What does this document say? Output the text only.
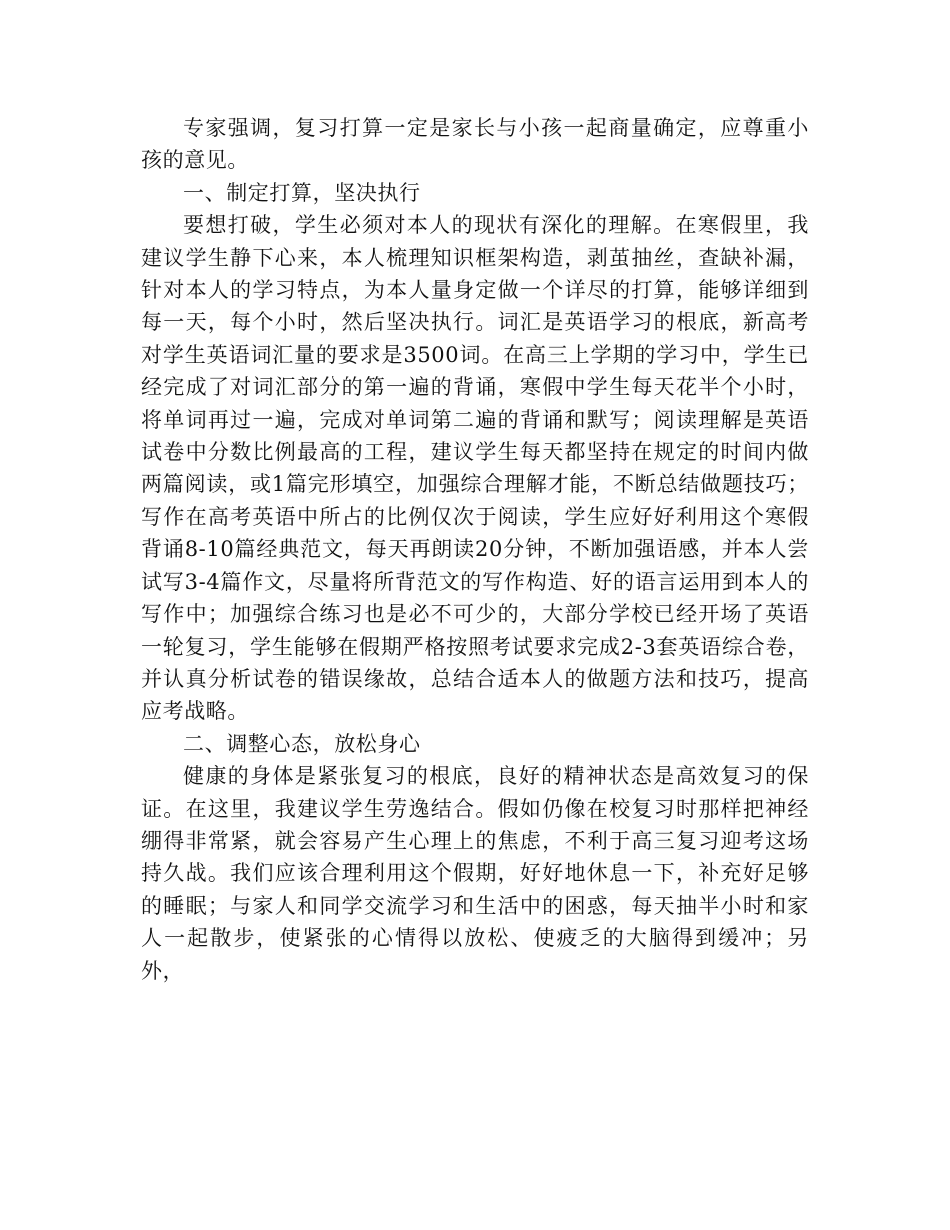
专家强调，复习打算一定是家长与小孩一起商量确定，应尊重小孩的意见。

一、制定打算，坚决执行

要想打破，学生必须对本人的现状有深化的理解。在寒假里，我建议学生静下心来，本人梳理知识框架构造，剥茧抽丝，查缺补漏，针对本人的学习特点，为本人量身定做一个详尽的打算，能够详细到每一天，每个小时，然后坚决执行。词汇是英语学习的根底，新高考对学生英语词汇量的要求是3500词。在高三上学期的学习中，学生已经完成了对词汇部分的第一遍的背诵，寒假中学生每天花半个小时，将单词再过一遍，完成对单词第二遍的背诵和默写；阅读理解是英语试卷中分数比例最高的工程，建议学生每天都坚持在规定的时间内做两篇阅读，或1篇完形填空，加强综合理解才能，不断总结做题技巧；写作在高考英语中所占的比例仅次于阅读，学生应好好利用这个寒假背诵8-10篇经典范文，每天再朗读20分钟，不断加强语感，并本人尝试写3-4篇作文，尽量将所背范文的写作构造、好的语言运用到本人的写作中；加强综合练习也是必不可少的，大部分学校已经开场了英语一轮复习，学生能够在假期严格按照考试要求完成2-3套英语综合卷，并认真分析试卷的错误缘故，总结合适本人的做题方法和技巧，提高应考战略。

二、调整心态，放松身心

健康的身体是紧张复习的根底，良好的精神状态是高效复习的保证。在这里，我建议学生劳逸结合。假如仍像在校复习时那样把神经绷得非常紧，就会容易产生心理上的焦虑，不利于高三复习迎考这场持久战。我们应该合理利用这个假期，好好地休息一下，补充好足够的睡眠；与家人和同学交流学习和生活中的困惑，每天抽半小时和家人一起散步，使紧张的心情得以放松、使疲乏的大脑得到缓冲；另外，
